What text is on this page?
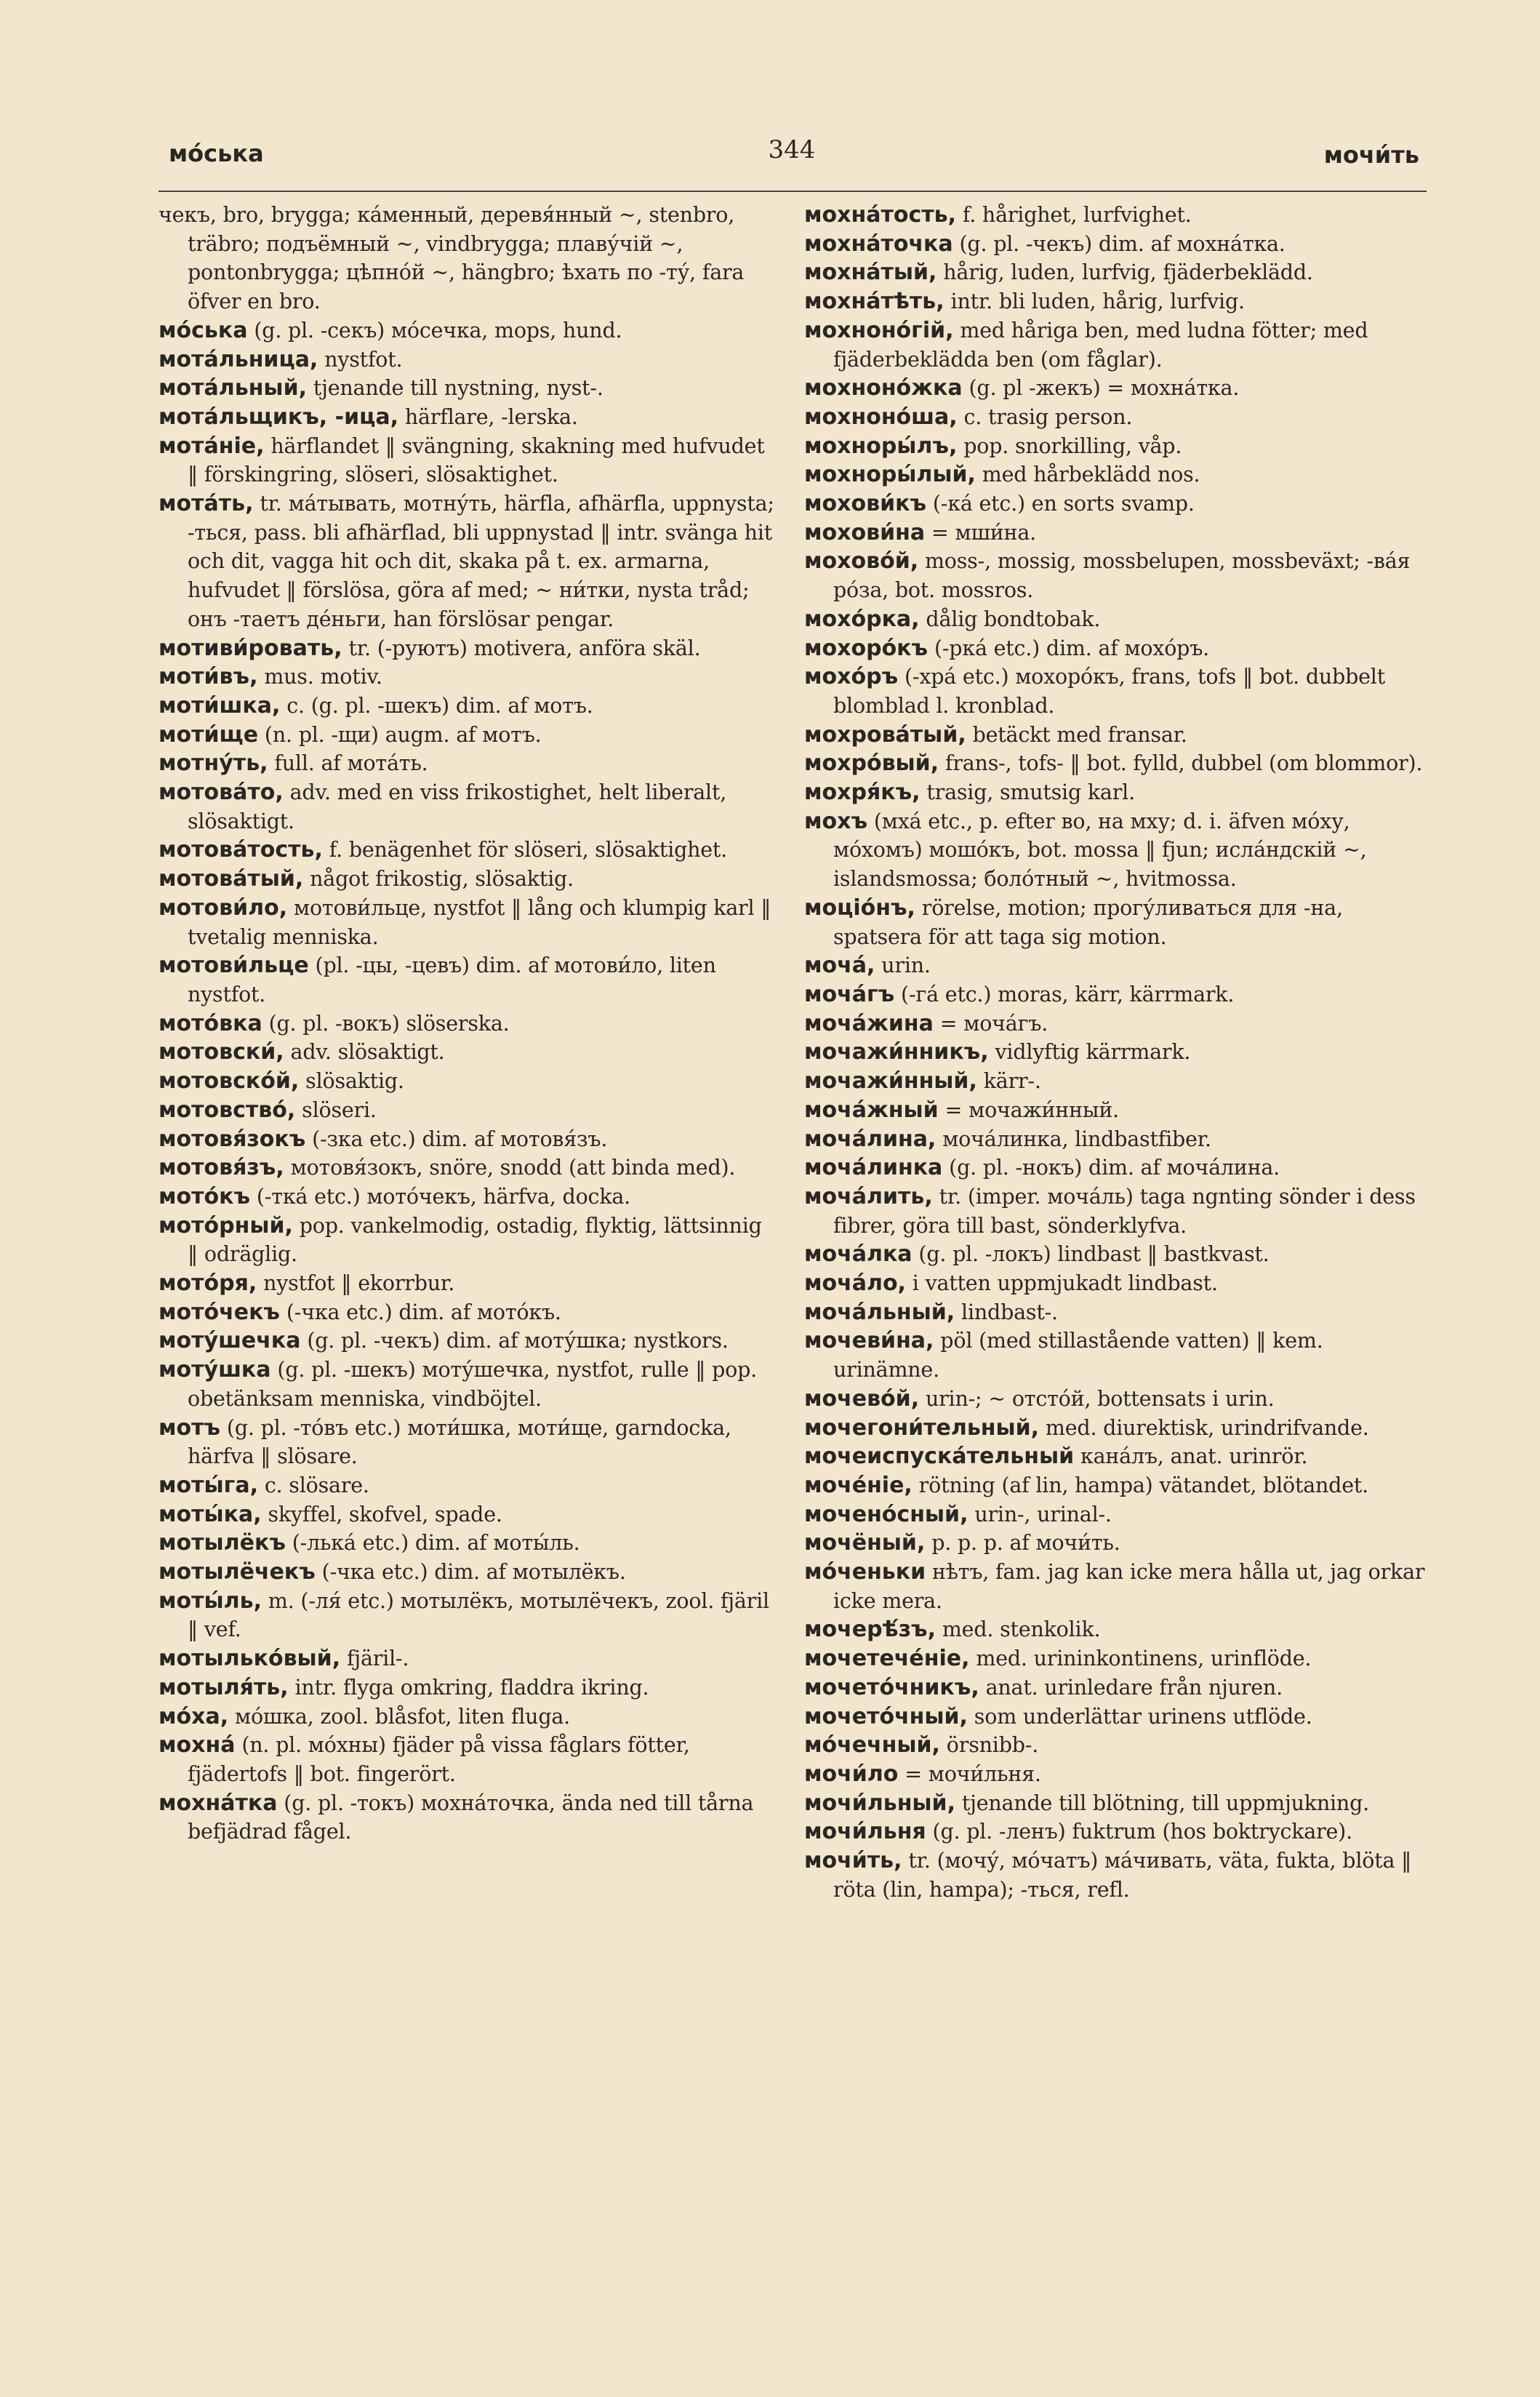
мóська	344	мочи́ть
чекъ, bro, brygga; ка́менный, деревя́нный ~, stenbro, träbro; подъёмный ~, vindbrygga; плаву́чій ~, pontonbrygga; цѣпно́й ~, hängbro; ѣхать по -ту́, fara öfver en bro.
мо́ська (g. pl. -секъ) мо́сечка, mops, hund.
мота́льница, nystfot.
мота́льный, tjenande till nystning, nyst-.
мота́льщикъ, -ица, härflare, -lerska.
мота́ніе, härflandet ‖ svängning, skakning med hufvudet ‖ förskingring, slöseri, slösaktighet.
мота́ть, tr. мáтывать, мотну́ть, härfla, afhärfla, uppnysta; -ться, pass. bli afhärflad, bli uppnystad ‖ intr. svänga hit och dit, vagga hit och dit, skaka på t. ex. armarna, hufvudet ‖ förslösa, göra af med; ~ ни́тки, nysta tråd; онъ -таетъ де́ньги, han förslösar pengar.
мотиви́ровать, tr. (-руютъ) motivera, anföra skäl.
моти́въ, mus. motiv.
моти́шка, c. (g. pl. -шекъ) dim. af мотъ.
моти́ще (n. pl. -щи) augm. af мотъ.
мотну́ть, full. af мота́ть.
мотова́то, adv. med en viss frikostighet, helt liberalt, slösaktigt.
мотова́тость, f. benägenhet för slöseri, slösaktighet.
мотова́тый, något frikostig, slösaktig.
мотови́ло, мотови́льце, nystfot ‖ lång och klumpig karl ‖ tvetalig menniska.
мотови́льце (pl. -цы, -цевъ) dim. af мотови́ло, liten nystfot.
мото́вка (g. pl. -вокъ) slöserska.
мотовски́, adv. slösaktigt.
мотовско́й, slösaktig.
мотовство́, slöseri.
мотовя́зокъ (-зка etc.) dim. af мотовя́зъ.
мотовя́зъ, мотовя́зокъ, snöre, snodd (att binda med).
мото́къ (-тка́ etc.) мото́чекъ, härfva, docka.
мото́рный, pop. vankelmodig, ostadig, flyktig, lättsinnig ‖ odräglig.
мото́ря, nystfot ‖ ekorrbur.
мото́чекъ (-чка etc.) dim. af мото́къ.
моту́шечка (g. pl. -чекъ) dim. af моту́шка; nystkors.
моту́шка (g. pl. -шекъ) моту́шечка, nystfot, rulle ‖ pop. obetänksam menniska, vindböjtel.
мотъ (g. pl. -то́въ etc.) моти́шка, моти́ще, garndocka, härfva ‖ slösare.
моты́га, c. slösare.
моты́ка, skyffel, skofvel, spade.
мотылёкъ (-лька́ etc.) dim. af моты́ль.
мотылёчекъ (-чка etc.) dim. af мотылёкъ.
моты́ль, m. (-ля́ etc.) мотылёкъ, мотылёчекъ, zool. fjäril ‖ vef.
мотылько́вый, fjäril-.
мотыля́ть, intr. flyga omkring, fladdra ikring.
мо́ха, мо́шка, zool. blåsfot, liten fluga.
мохна́ (n. pl. мо́хны) fjäder på vissa fåglars fötter, fjädertofs ‖ bot. fingerört.
мохна́тка (g. pl. -токъ) мохна́точка, ända ned till tårna befjädrad fågel.
мохна́тость, f. hårighet, lurfvighet.
мохна́точка (g. pl. -чекъ) dim. af мохна́тка.
мохна́тый, hårig, luden, lurfvig, fjäderbeklädd.
мохна́тѣть, intr. bli luden, hårig, lurfvig.
мохноно́гій, med håriga ben, med ludna fötter; med fjäderbeklädda ben (om fåglar).
мохноно́жка (g. pl -жекъ) = мохна́тка.
мохноно́ша, c. trasig person.
мохноры́лъ, pop. snorkilling, våp.
мохноры́лый, med hårbeklädd nos.
мохови́къ (-ка́ etc.) en sorts svamp.
мохови́на = мши́на.
мохово́й, moss-, mossig, mossbelupen, mossbeväxt; -ва́я ро́за, bot. mossros.
мохо́рка, dålig bondtobak.
мохоро́къ (-рка́ etc.) dim. af мохо́ръ.
мохо́ръ (-хра́ etc.) мохоро́къ, frans, tofs ‖ bot. dubbelt blomblad l. kronblad.
мохрова́тый, betäckt med fransar.
мохро́вый, frans-, tofs- ‖ bot. fylld, dubbel (om blommor).
мохря́къ, trasig, smutsig karl.
мохъ (мха́ etc., p. efter во, на мху; d. i. äfven мо́ху, мо́хомъ) мошо́къ, bot. mossa ‖ fjun; исла́ндскій ~, islandsmossa; боло́тный ~, hvitmossa.
моціо́нъ, rörelse, motion; прогу́ливаться для -на, spatsera för att taga sig motion.
моча́, urin.
моча́гъ (-га́ etc.) moras, kärr, kärrmark.
моча́жина = моча́гъ.
мочажи́нникъ, vidlyftig kärrmark.
мочажи́нный, kärr-.
моча́жный = мочажи́нный.
моча́лина, моча́линка, lindbastfiber.
моча́линка (g. pl. -нокъ) dim. af моча́лина.
моча́лить, tr. (imper. моча́ль) taga ngnting sönder i dess fibrer, göra till bast, sönderklyfva.
моча́лка (g. pl. -локъ) lindbast ‖ bastkvast.
моча́ло, i vatten uppmjukadt lindbast.
моча́льный, lindbast-.
мочеви́на, pöl (med stillastående vatten) ‖ kem. urinämne.
мочево́й, urin-; ~ отсто́й, bottensats i urin.
мочегони́тельный, med. diurektisk, urindrifvande.
мочеиспуска́тельный кана́лъ, anat. urinrör.
моче́ніе, rötning (af lin, hampa) vätandet, blötandet.
мочено́сный, urin-, urinal-.
мочёный, p. p. p. af мочи́ть.
мо́ченьки нѣтъ, fam. jag kan icke mera hålla ut, jag orkar icke mera.
мочерѣ́зъ, med. stenkolik.
мочетече́ніе, med. urininkontinens, urinflöde.
мочето́чникъ, anat. urinledare från njuren.
мочето́чный, som underlättar urinens utflöde.
мо́чечный, örsnibb-.
мочи́ло = мочи́льня.
мочи́льный, tjenande till blötning, till uppmjukning.
мочи́льня (g. pl. -ленъ) fuktrum (hos boktryckare).
мочи́ть, tr. (мочу́, мо́чатъ) ма́чивать, väta, fukta, blöta ‖ röta (lin, hampa); -ться, refl.
